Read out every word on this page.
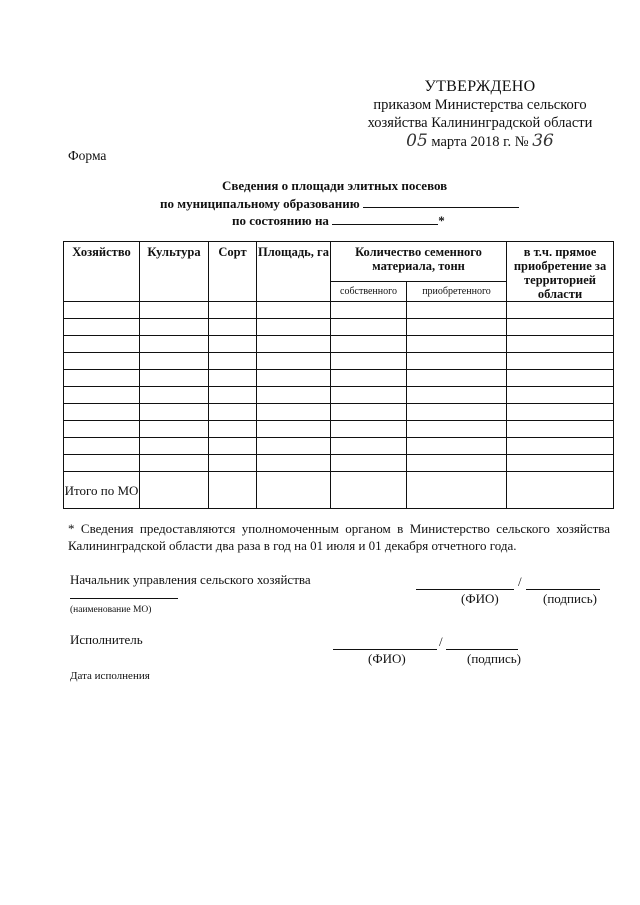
УТВЕРЖДЕНО
приказом Министерства сельского
хозяйства Калининградской области
05 марта 2018 г. № 36
Форма
Сведения о площади элитных посевов
по муниципальному образованию
по состоянию на	*
Хозяйство	Культура	Сорт	Площадь, га	Количество семенного материала, тонн		в т.ч. прямое приобретение за территорией области
				собственного	приобретенного	

Итого по МО						
* Сведения предоставляются уполномоченным органом в Министерство сельского хозяйства Калининградской области два раза в год на 01 июля и 01 декабря отчетного года.
Начальник управления сельского хозяйства	/
(ФИО)	(подпись)
(наименование МО)
Исполнитель	/
(ФИО)	(подпись)
Дата исполнения
